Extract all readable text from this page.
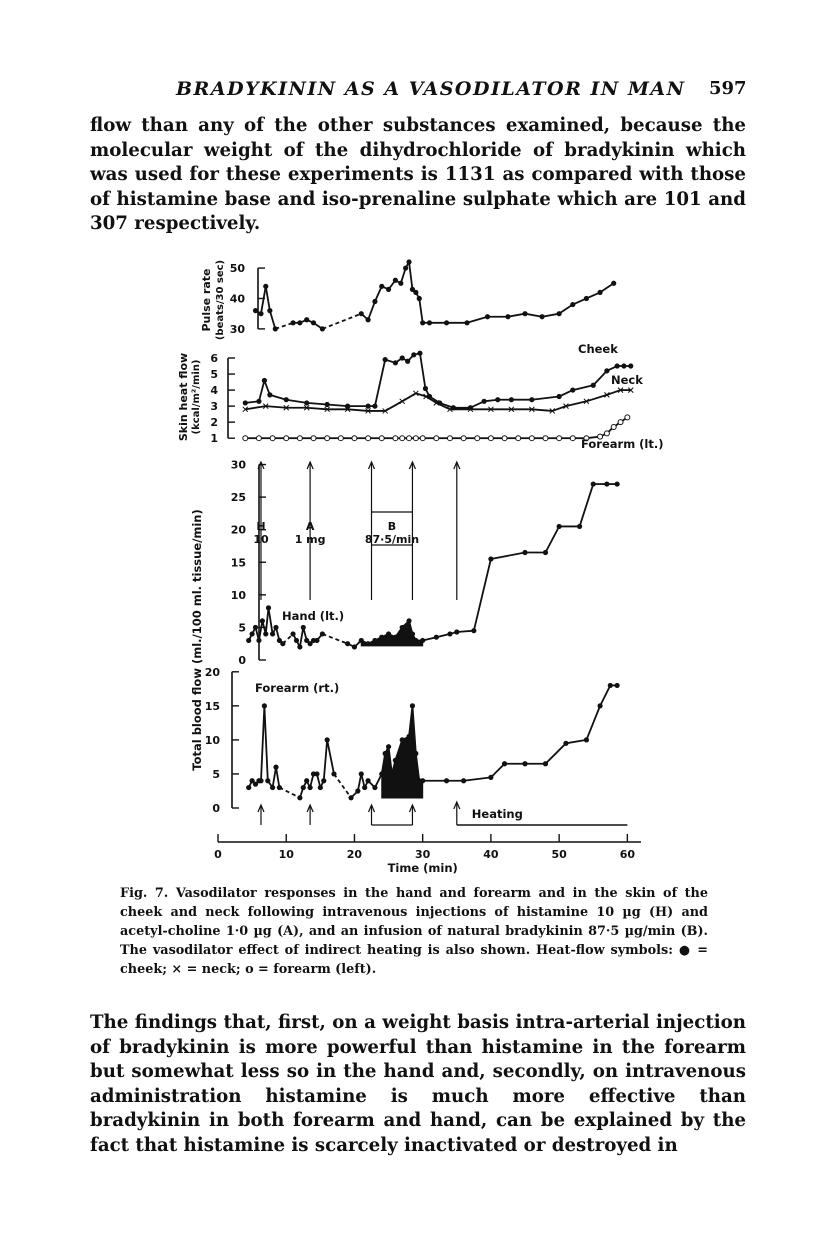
BRADYKININ AS A VASODILATOR IN MAN 597
flow than any of the other substances examined, because the molecular weight of the dihydrochloride of bradykinin which was used for these experiments is 1131 as compared with those of histamine base and iso-prenaline sulphate which are 101 and 307 respectively.
30
40
50
1
2
3
4
5
6
0
5
10
15
20
25
30
0
5
10
15
20
Pulse rate (beats/30 sec)
Skin heat flow (kcal/m²/min)
Total blood flow (ml./100 ml. tissue/min)
Cheek
Neck
Forearm (lt.)
Hand (lt.)
Forearm (rt.)
0	10	20	30	40	50	60
Time (min)
H
10
A
1 mg
B
87·5/min
Heating
Fig. 7. Vasodilator responses in the hand and forearm and in the skin of the cheek and neck following intravenous injections of histamine 10 µg (H) and acetyl-choline 1·0 µg (A), and an infusion of natural bradykinin 87·5 µg/min (B). The vasodilator effect of indirect heating is also shown. Heat-flow symbols: ● = cheek; × = neck; o = forearm (left).
The findings that, first, on a weight basis intra-arterial injection of bradykinin is more powerful than histamine in the forearm but somewhat less so in the hand and, secondly, on intravenous administration histamine is much more effective than bradykinin in both forearm and hand, can be explained by the fact that histamine is scarcely inactivated or destroyed in
